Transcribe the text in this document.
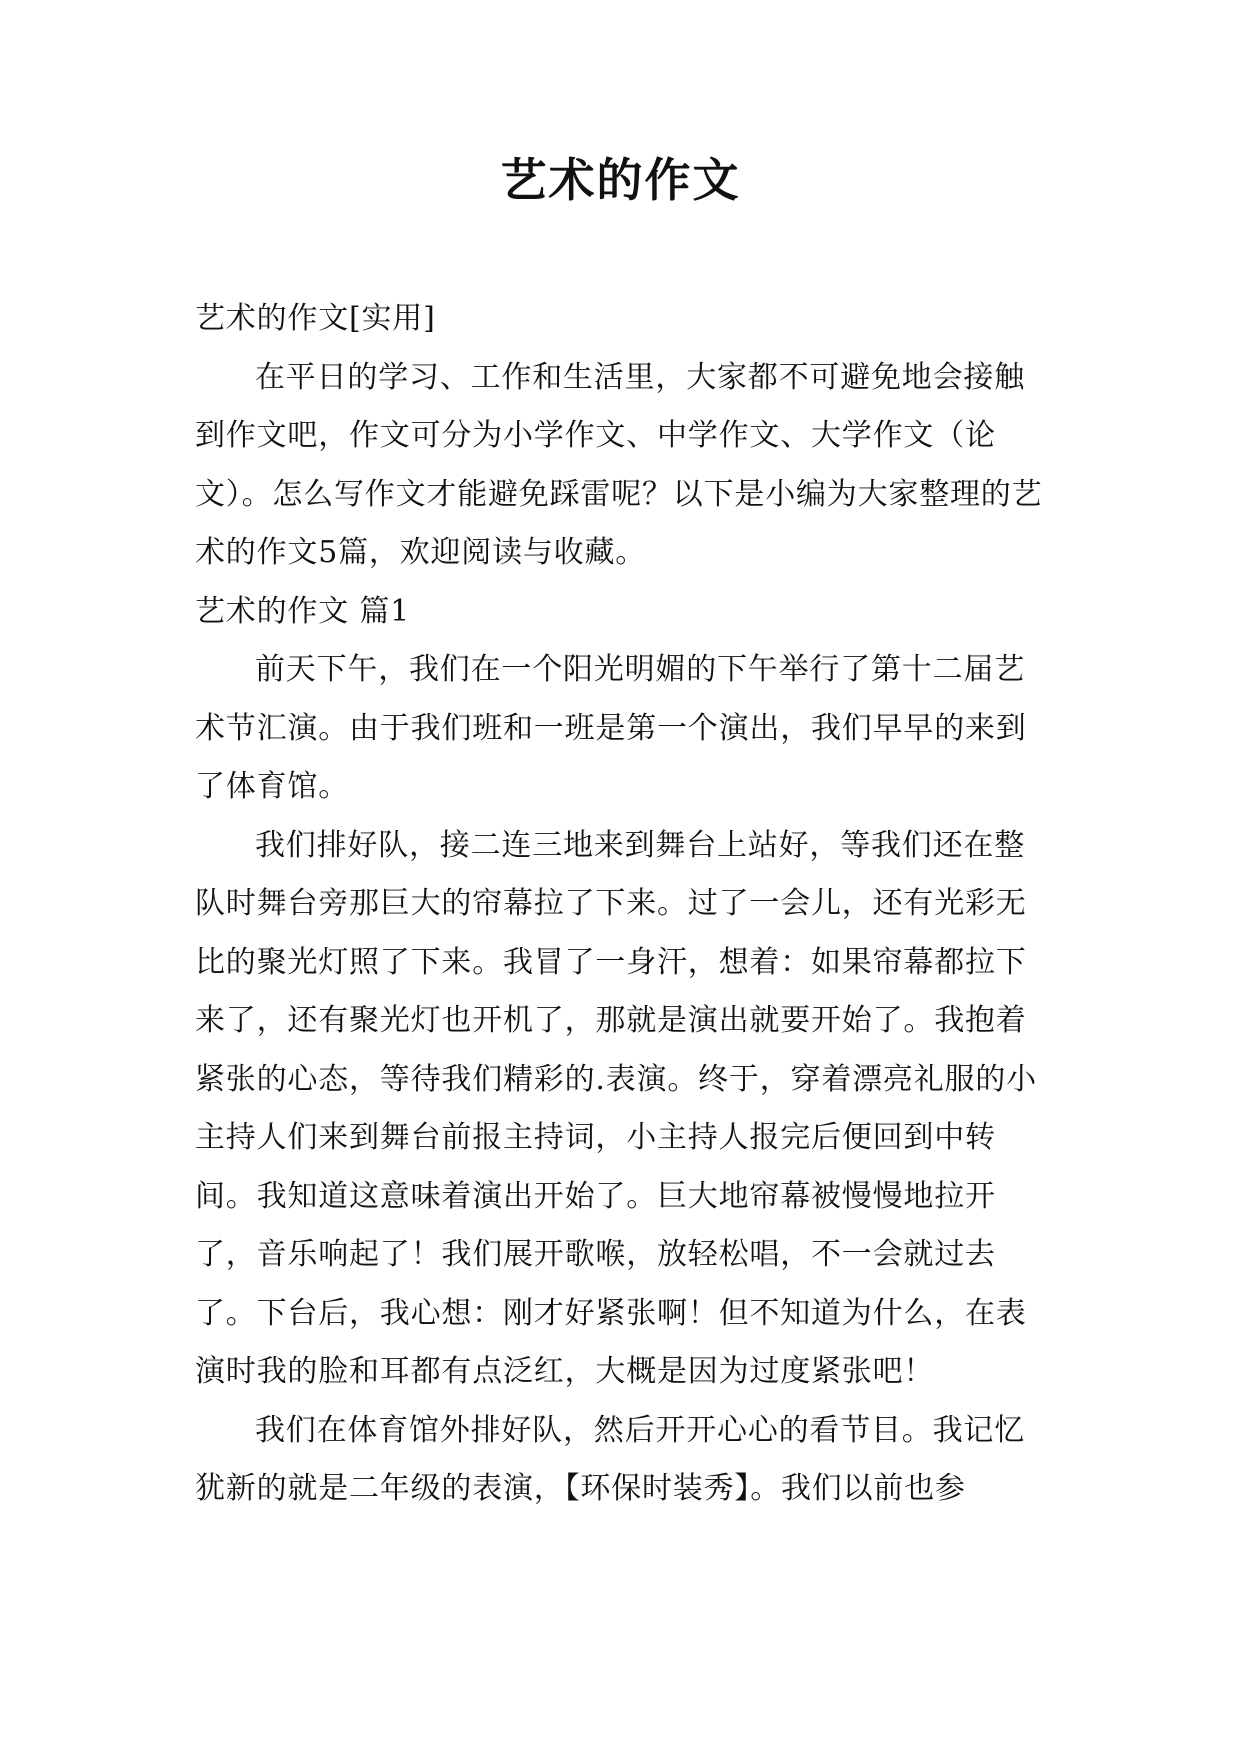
艺术的作文

艺术的作文[实用]

在平日的学习、工作和生活里，大家都不可避免地会接触到作文吧，作文可分为小学作文、中学作文、大学作文（论文）。怎么写作文才能避免踩雷呢？以下是小编为大家整理的艺术的作文5篇，欢迎阅读与收藏。

艺术的作文 篇1

前天下午，我们在一个阳光明媚的下午举行了第十二届艺术节汇演。由于我们班和一班是第一个演出，我们早早的来到了体育馆。

我们排好队，接二连三地来到舞台上站好，等我们还在整队时舞台旁那巨大的帘幕拉了下来。过了一会儿，还有光彩无比的聚光灯照了下来。我冒了一身汗，想着：如果帘幕都拉下来了，还有聚光灯也开机了，那就是演出就要开始了。我抱着紧张的心态，等待我们精彩的.表演。终于，穿着漂亮礼服的小主持人们来到舞台前报主持词，小主持人报完后便回到中转间。我知道这意味着演出开始了。巨大地帘幕被慢慢地拉开了，音乐响起了！我们展开歌喉，放轻松唱，不一会就过去了。下台后，我心想：刚才好紧张啊！但不知道为什么，在表演时我的脸和耳都有点泛红，大概是因为过度紧张吧！

我们在体育馆外排好队，然后开开心心的看节目。我记忆犹新的就是二年级的表演，【环保时装秀】。我们以前也参
